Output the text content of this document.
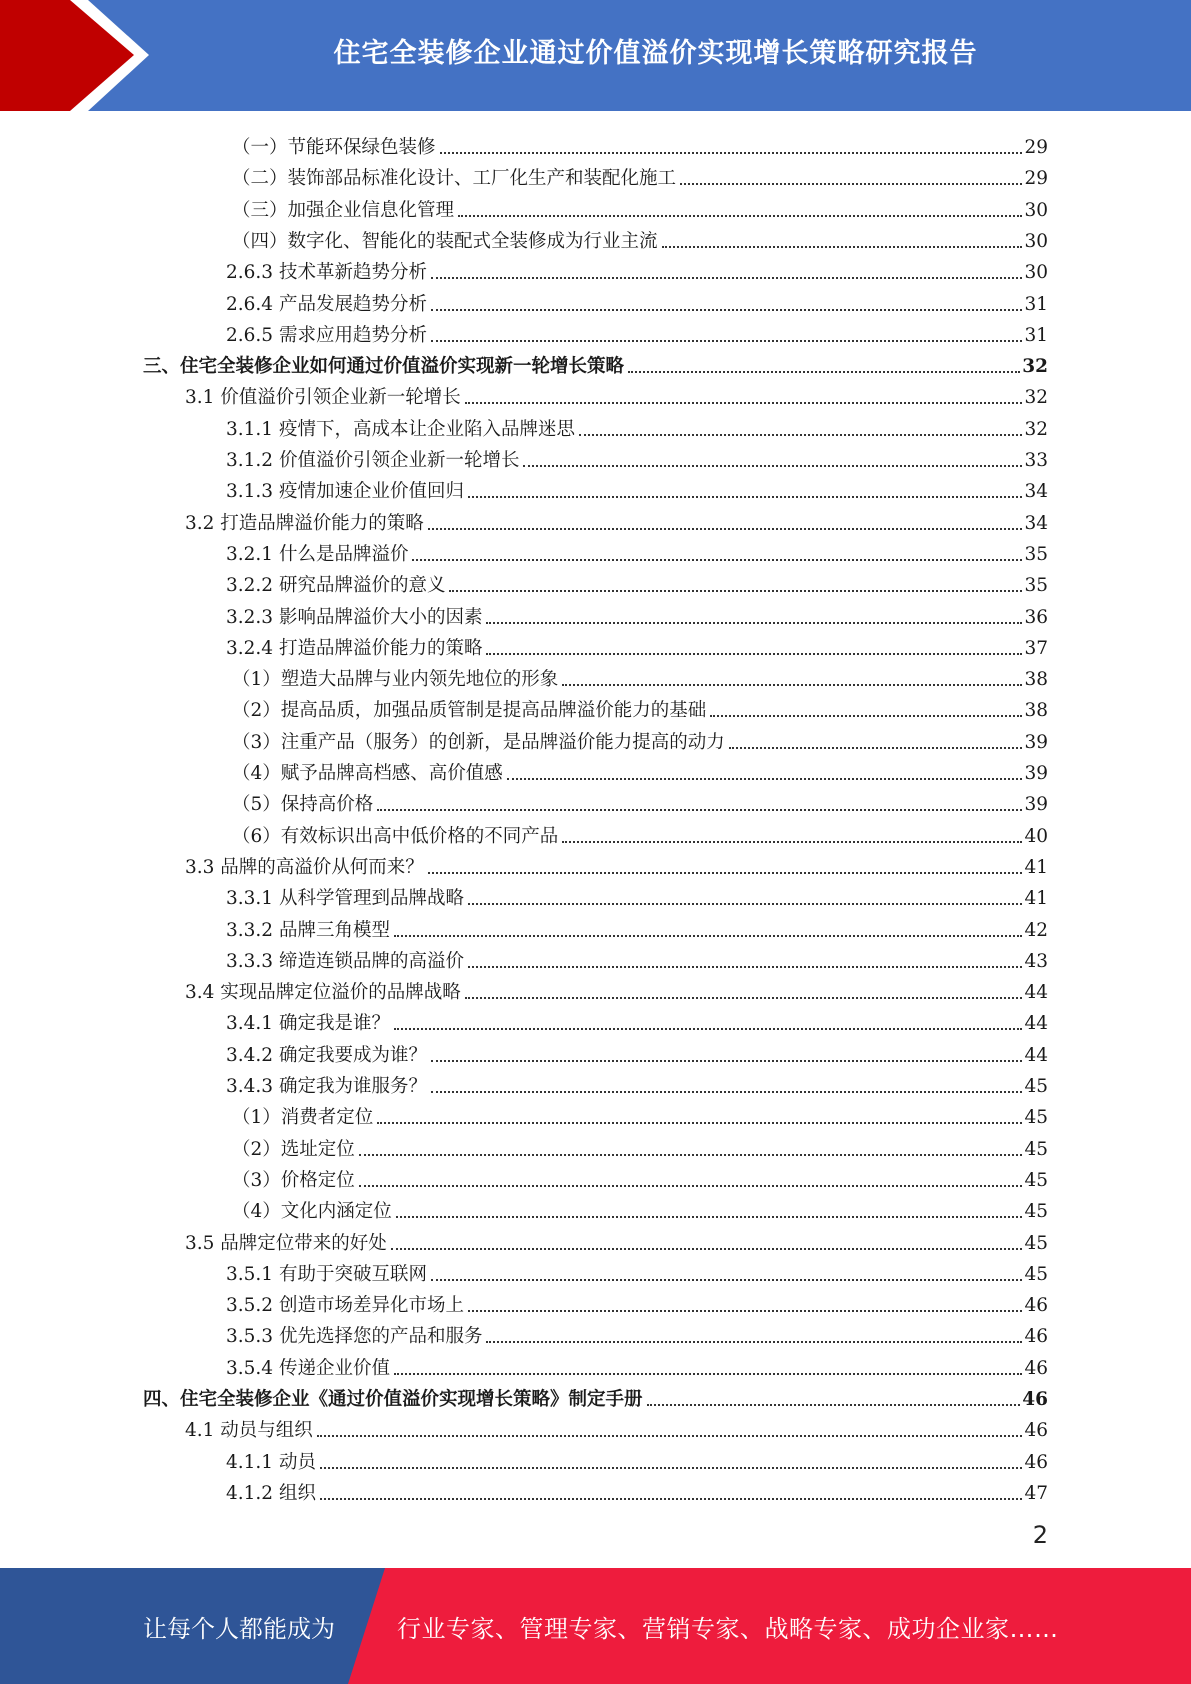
住宅全装修企业通过价值溢价实现增长策略研究报告
（一）节能环保绿色装修	29
（二）装饰部品标准化设计、工厂化生产和装配化施工	29
（三）加强企业信息化管理	30
（四）数字化、智能化的装配式全装修成为行业主流	30
2.6.3 技术革新趋势分析	30
2.6.4 产品发展趋势分析	31
2.6.5 需求应用趋势分析	31
三、住宅全装修企业如何通过价值溢价实现新一轮增长策略	32
3.1 价值溢价引领企业新一轮增长	32
3.1.1 疫情下，高成本让企业陷入品牌迷思	32
3.1.2 价值溢价引领企业新一轮增长	33
3.1.3 疫情加速企业价值回归	34
3.2 打造品牌溢价能力的策略	34
3.2.1 什么是品牌溢价	35
3.2.2 研究品牌溢价的意义	35
3.2.3 影响品牌溢价大小的因素	36
3.2.4 打造品牌溢价能力的策略	37
（1）塑造大品牌与业内领先地位的形象	38
（2）提高品质，加强品质管制是提高品牌溢价能力的基础	38
（3）注重产品（服务）的创新，是品牌溢价能力提高的动力	39
（4）赋予品牌高档感、高价值感	39
（5）保持高价格	39
（6）有效标识出高中低价格的不同产品	40
3.3 品牌的高溢价从何而来？	41
3.3.1 从科学管理到品牌战略	41
3.3.2 品牌三角模型	42
3.3.3 缔造连锁品牌的高溢价	43
3.4 实现品牌定位溢价的品牌战略	44
3.4.1 确定我是谁？	44
3.4.2 确定我要成为谁？	44
3.4.3 确定我为谁服务？	45
（1）消费者定位	45
（2）选址定位	45
（3）价格定位	45
（4）文化内涵定位	45
3.5 品牌定位带来的好处	45
3.5.1 有助于突破互联网	45
3.5.2 创造市场差异化市场上	46
3.5.3 优先选择您的产品和服务	46
3.5.4 传递企业价值	46
四、住宅全装修企业《通过价值溢价实现增长策略》制定手册	46
4.1 动员与组织	46
4.1.1 动员	46
4.1.2 组织	47
2
让每个人都能成为	行业专家、管理专家、营销专家、战略专家、成功企业家……
